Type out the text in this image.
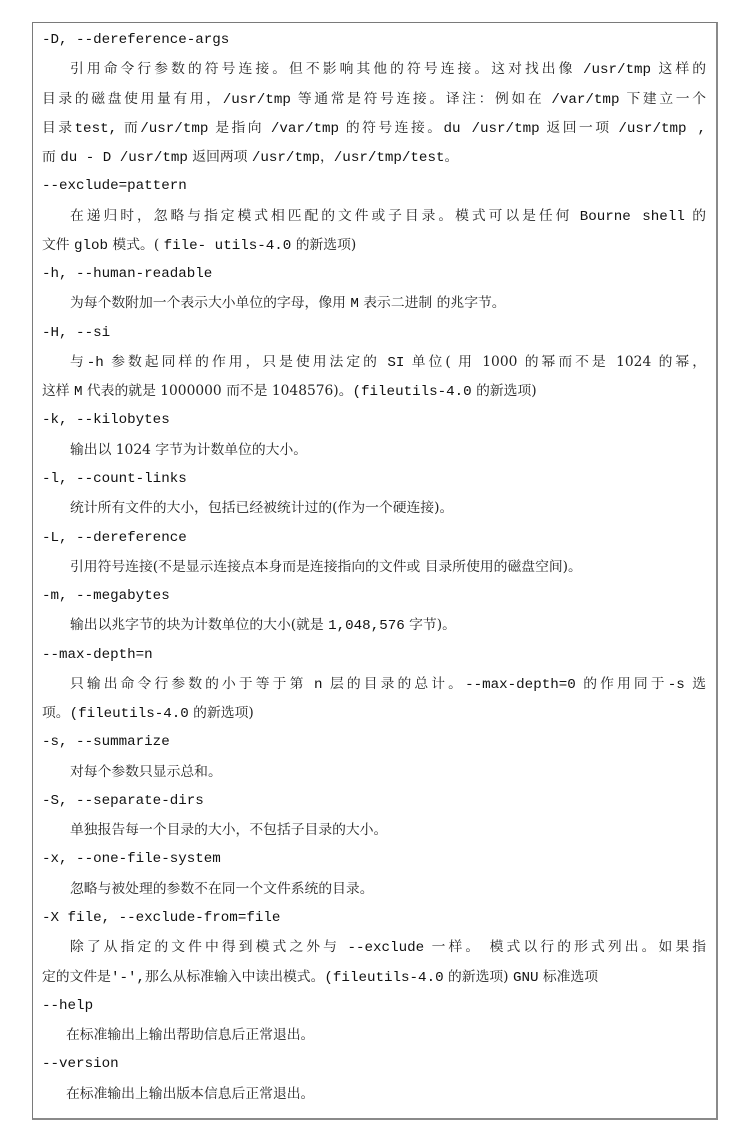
-D, --dereference-args
引用命令行参数的符号连接。但不影响其他的符号连接。这对找出像 /usr/tmp 这样的
目录的磁盘使用量有用，/usr/tmp 等通常是符号连接。译注：例如在 /var/tmp 下建立一个
目录test, 而/usr/tmp 是指向 /var/tmp 的符号连接。du /usr/tmp 返回一项 /usr/tmp ,
而 du - D /usr/tmp 返回两项 /usr/tmp，/usr/tmp/test。
--exclude=pattern
在递归时，忽略与指定模式相匹配的文件或子目录。模式可以是任何 Bourne shell 的
文件 glob 模式。( file- utils-4.0 的新选项)
-h, --human-readable
为每个数附加一个表示大小单位的字母，像用 M 表示二进制 的兆字节。
-H, --si
与-h 参数起同样的作用，只是使用法定的 SI 单位( 用 1000 的幂而不是 1024 的幂，
这样 M 代表的就是 1000000 而不是 1048576)。(fileutils-4.0 的新选项)
-k, --kilobytes
输出以 1024 字节为计数单位的大小。
-l, --count-links
统计所有文件的大小，包括已经被统计过的(作为一个硬连接)。
-L, --dereference
引用符号连接(不是显示连接点本身而是连接指向的文件或 目录所使用的磁盘空间)。
-m, --megabytes
输出以兆字节的块为计数单位的大小(就是 1,048,576 字节)。
--max-depth=n
只输出命令行参数的小于等于第 n 层的目录的总计。--max-depth=0 的作用同于-s 选
项。(fileutils-4.0 的新选项)
-s, --summarize
对每个参数只显示总和。
-S, --separate-dirs
单独报告每一个目录的大小，不包括子目录的大小。
-x, --one-file-system
忽略与被处理的参数不在同一个文件系统的目录。
-X file, --exclude-from=file
除了从指定的文件中得到模式之外与 --exclude 一样。 模式以行的形式列出。如果指
定的文件是'-',那么从标准输入中读出模式。(fileutils-4.0 的新选项) GNU 标准选项
--help
在标准输出上输出帮助信息后正常退出。
--version
在标准输出上输出版本信息后正常退出。
